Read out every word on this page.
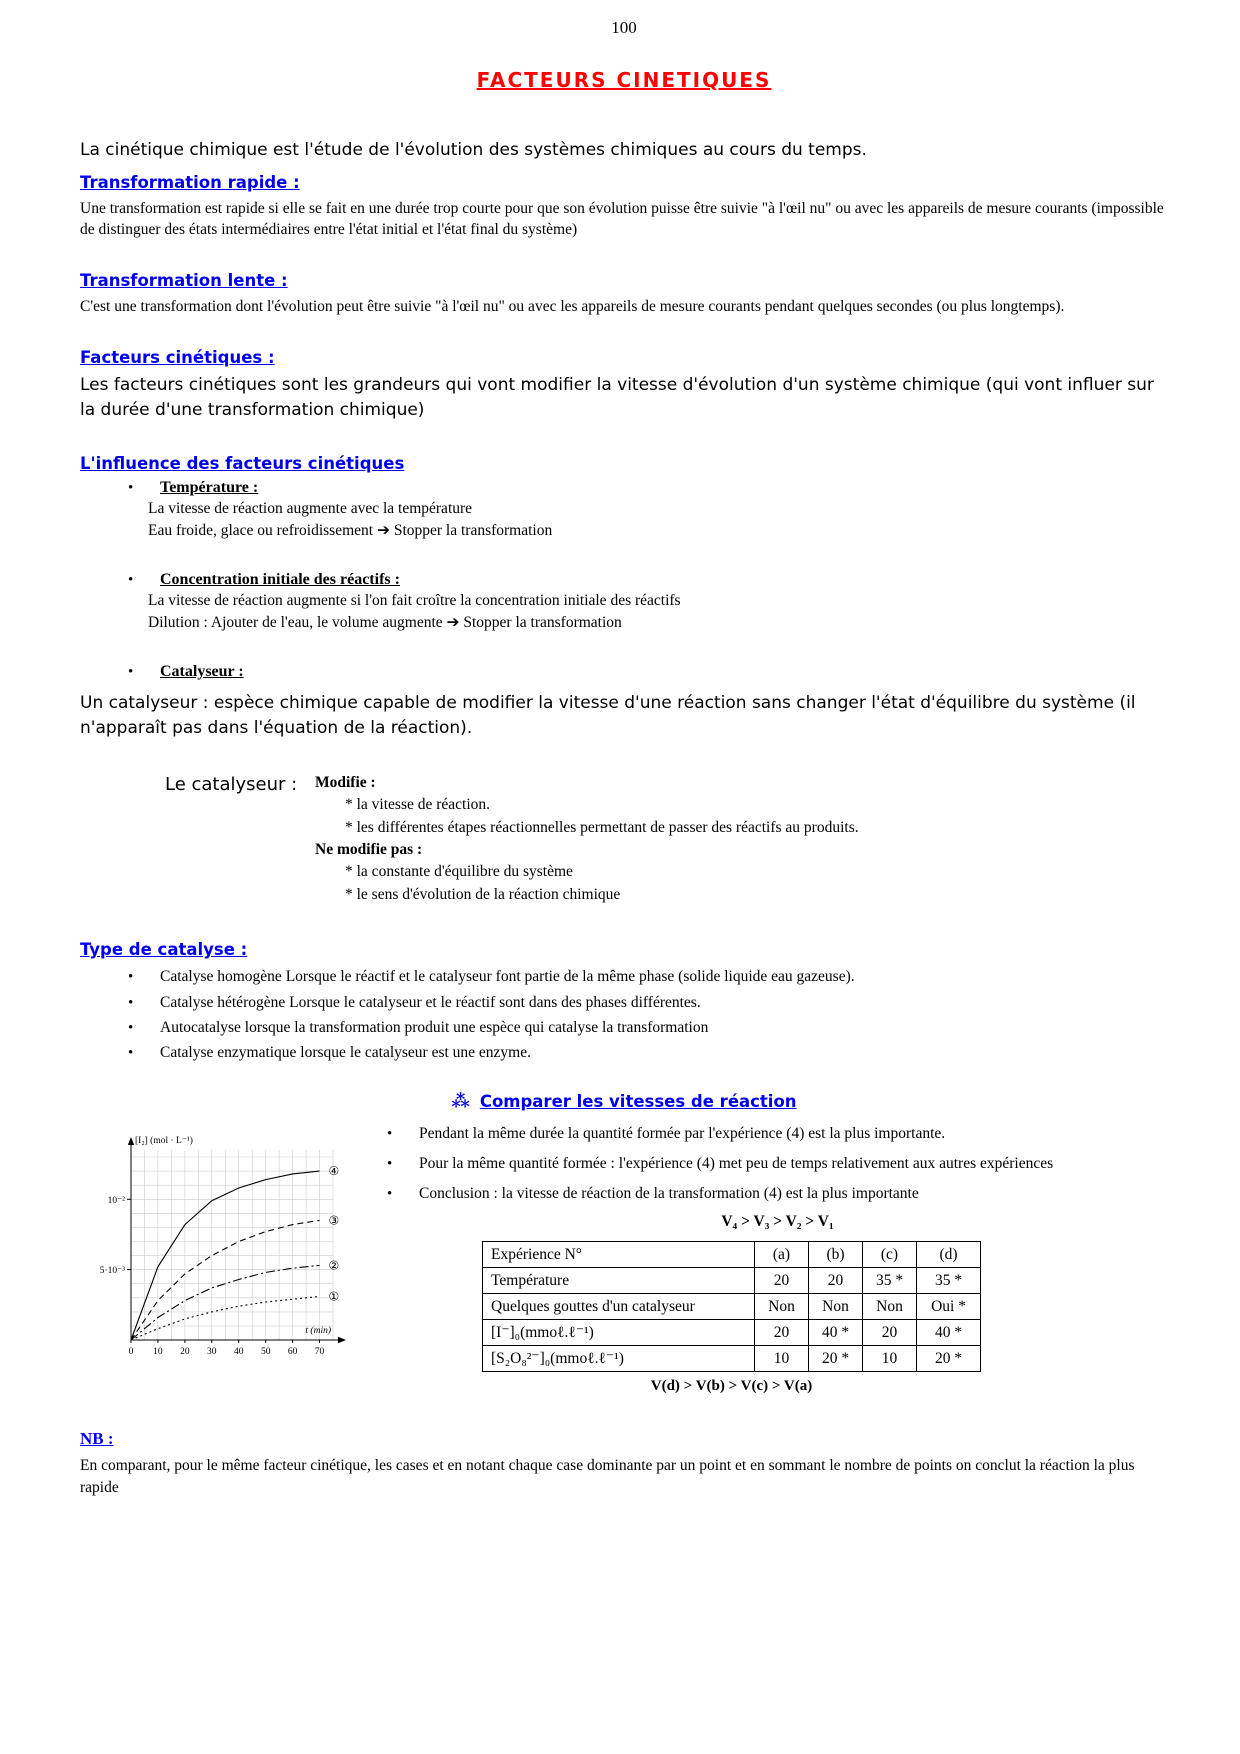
100
FACTEURS CINETIQUES

La cinétique chimique est l'étude de l'évolution des systèmes chimiques au cours du temps.

Transformation rapide :

Une transformation est rapide si elle se fait en une durée trop courte pour que son évolution puisse être suivie "à l'œil nu" ou avec les appareils de mesure courants (impossible de distinguer des états intermédiaires entre l'état initial et l'état final du système)

Transformation lente :

C'est une transformation dont l'évolution peut être suivie "à l'œil nu" ou avec les appareils de mesure courants pendant quelques secondes (ou plus longtemps).

Facteurs cinétiques :

Les facteurs cinétiques sont les grandeurs qui vont modifier la vitesse d'évolution d'un système chimique (qui vont influer sur la durée d'une transformation chimique)

L'influence des facteurs cinétiques
•
Température :
La vitesse de réaction augmente avec la température
Eau froide, glace ou refroidissement ➔ Stopper la transformation
•
Concentration initiale des réactifs :
La vitesse de réaction augmente si l'on fait croître la concentration initiale des réactifs
Dilution : Ajouter de l'eau, le volume augmente ➔ Stopper la transformation
•
Catalyseur :

Un catalyseur : espèce chimique capable de modifier la vitesse d'une réaction sans changer l'état d'équilibre du système (il n'apparaît pas dans l'équation de la réaction).

Le catalyseur :	Modifie :
* la vitesse de réaction.
* les différentes étapes réactionnelles permettant de passer des réactifs au produits.
Ne modifie pas :
* la constante d'équilibre du système
* le sens d'évolution de la réaction chimique
Type de catalyse :
•
Catalyse homogène Lorsque le réactif et le catalyseur font partie de la même phase (solide liquide eau gazeuse).
•
Catalyse hétérogène Lorsque le catalyseur et le réactif sont dans des phases différentes.
•
Autocatalyse lorsque la transformation produit une espèce qui catalyse la transformation
•
Catalyse enzymatique lorsque le catalyseur est une enzyme.
⁂ Comparer les vitesses de réaction
0 10 20 30 40 50 60 70
10⁻²
5·10⁻³
④
③
②
①
[I₂] (mol · L⁻¹)
t (min)
•
Pendant la même durée la quantité formée par l'expérience (4) est la plus importante.
•
Pour la même quantité formée : l'expérience (4) met peu de temps relativement aux autres expériences
•
Conclusion : la vitesse de réaction de la transformation (4) est la plus importante
V₄ > V₃ > V₂ > V₁
Expérience N°	(a)	(b)	(c)	(d)
Température	20	20	35 *	35 *
Quelques gouttes d'un catalyseur	Non	Non	Non	Oui *
[I⁻]₀(mmoℓ.ℓ⁻¹)	20	40 *	20	40 *
[S₂O₈²⁻]₀(mmoℓ.ℓ⁻¹)	10	20 *	10	20 *
V(d) > V(b) > V(c) > V(a)
NB :

En comparant, pour le même facteur cinétique, les cases et en notant chaque case dominante par un point et en sommant le nombre de points on conclut la réaction la plus rapide
